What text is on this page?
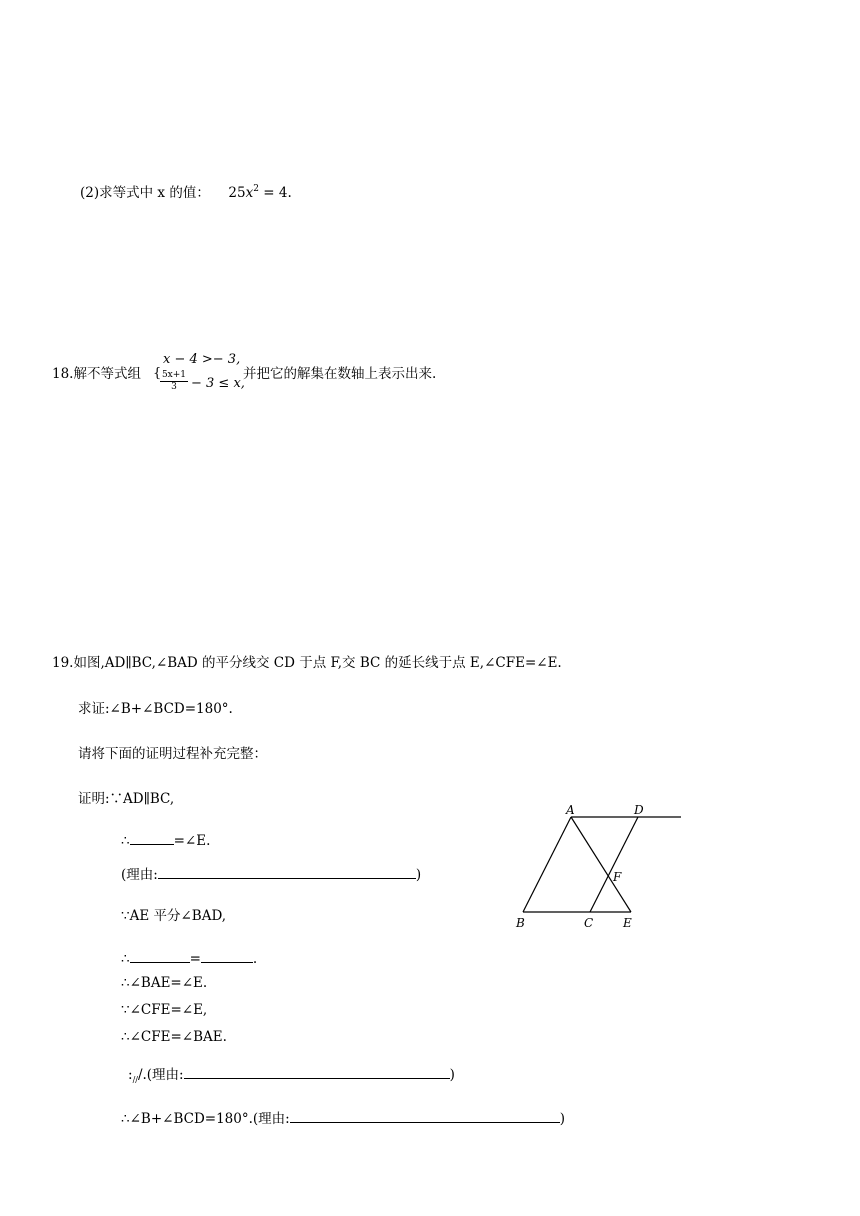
(2)求等式中 x 的值： $25x^2 = 4$.
18.解不等式组 {
x − 4 >− 3,
$\frac{5x+1}{3} - 3 \le x$,
并把它的解集在数轴上表示出来.
19.如图,AD∥BC,∠BAD 的平分线交 CD 于点 F,交 BC 的延长线于点 E,∠CFE=∠E.
求证:∠B+∠BCD=180°.
请将下面的证明过程补充完整：
证明:∵AD∥BC,
∴	=∠E.
(理由:	)
∵AE 平分∠BAD,
∴	=	.
∴∠BAE=∠E.
∵∠CFE=∠E,
∴∠CFE=∠BAE.
$:_{//}/$.(理由:	)
∴∠B+∠BCD=180°.(理由:	)
A	D
F
B	C E
